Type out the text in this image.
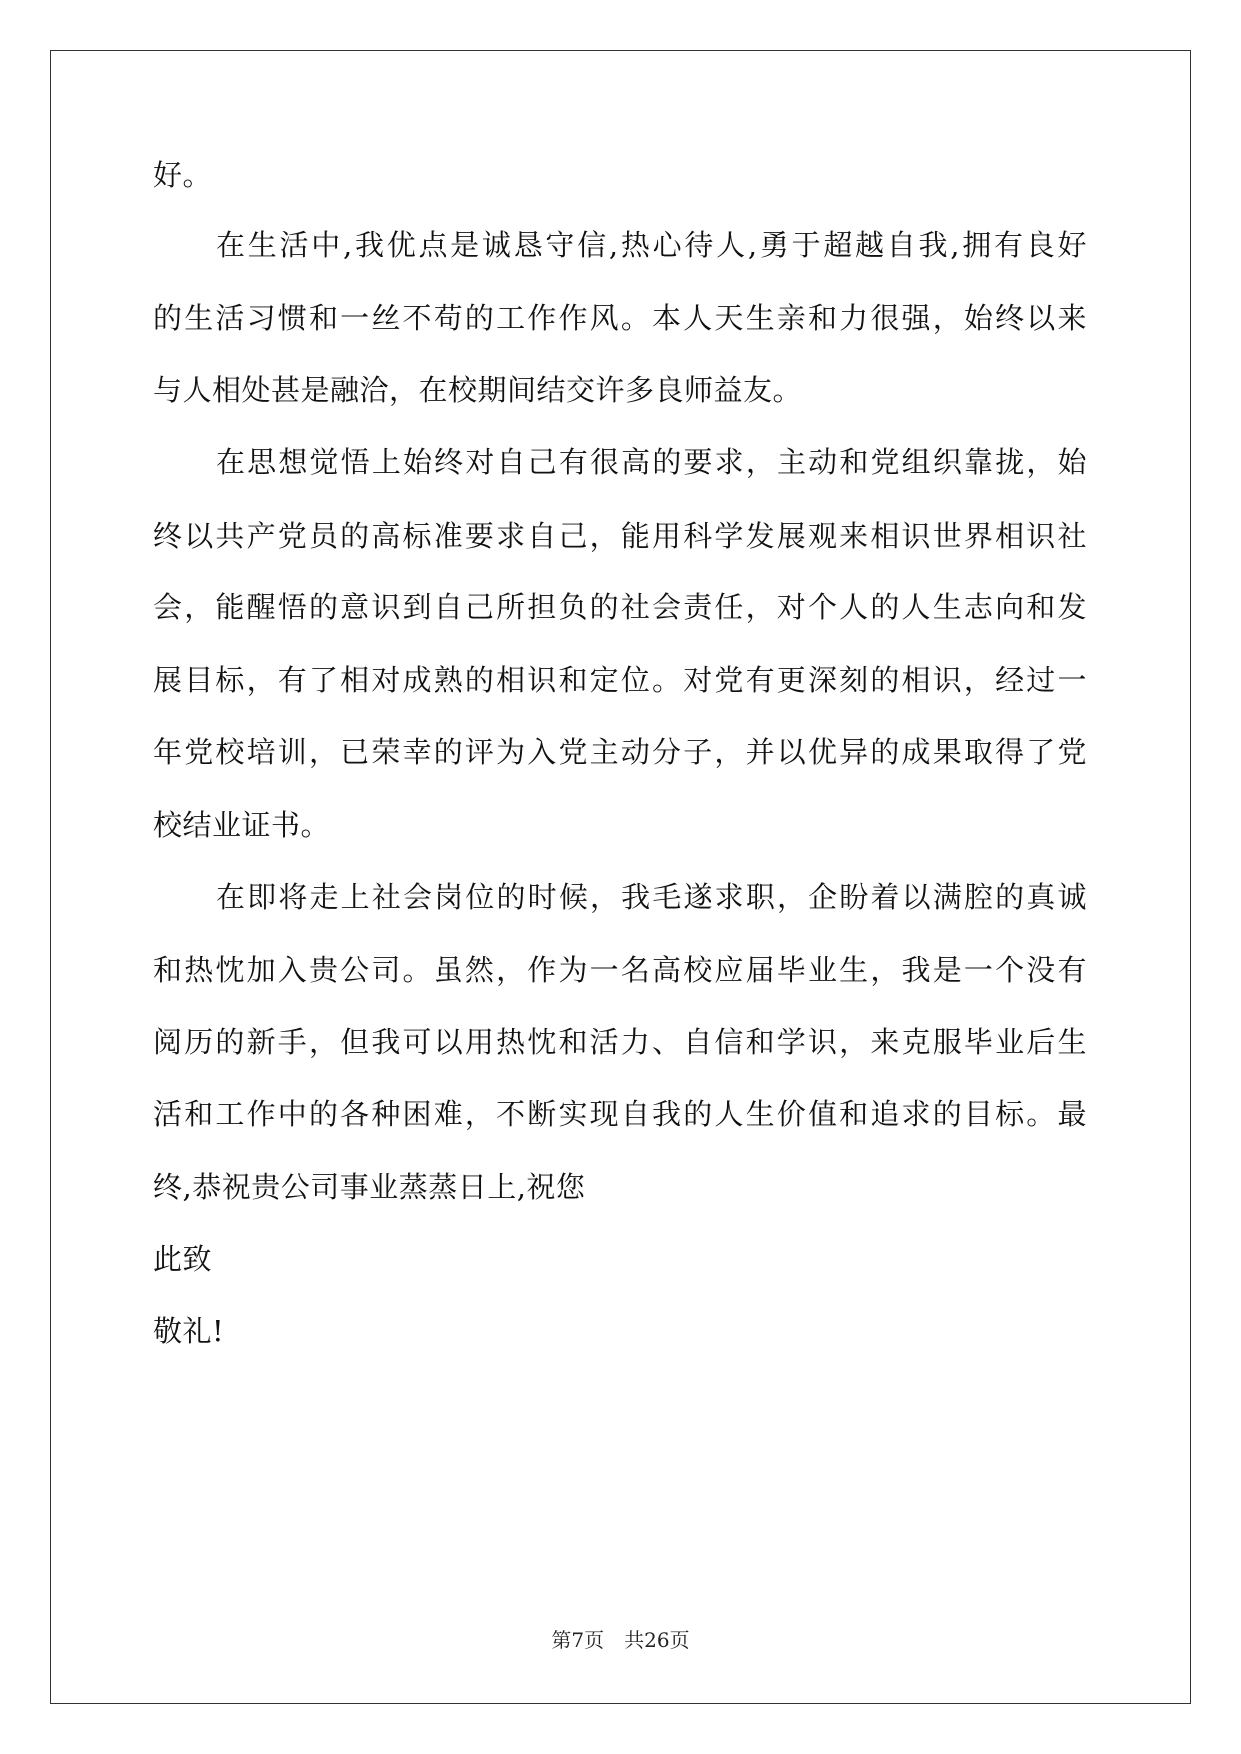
好。
在生活中,我优点是诚恳守信,热心待人,勇于超越自我,拥有良好
的生活习惯和一丝不苟的工作作风。本人天生亲和力很强，始终以来
与人相处甚是融洽，在校期间结交许多良师益友。
在思想觉悟上始终对自己有很高的要求，主动和党组织靠拢，始
终以共产党员的高标准要求自己，能用科学发展观来相识世界相识社
会，能醒悟的意识到自己所担负的社会责任，对个人的人生志向和发
展目标，有了相对成熟的相识和定位。对党有更深刻的相识，经过一
年党校培训，已荣幸的评为入党主动分子，并以优异的成果取得了党
校结业证书。
在即将走上社会岗位的时候，我毛遂求职，企盼着以满腔的真诚
和热忱加入贵公司。虽然，作为一名高校应届毕业生，我是一个没有
阅历的新手，但我可以用热忱和活力、自信和学识，来克服毕业后生
活和工作中的各种困难，不断实现自我的人生价值和追求的目标。最
终,恭祝贵公司事业蒸蒸日上,祝您
此致
敬礼!
第7页　共26页
